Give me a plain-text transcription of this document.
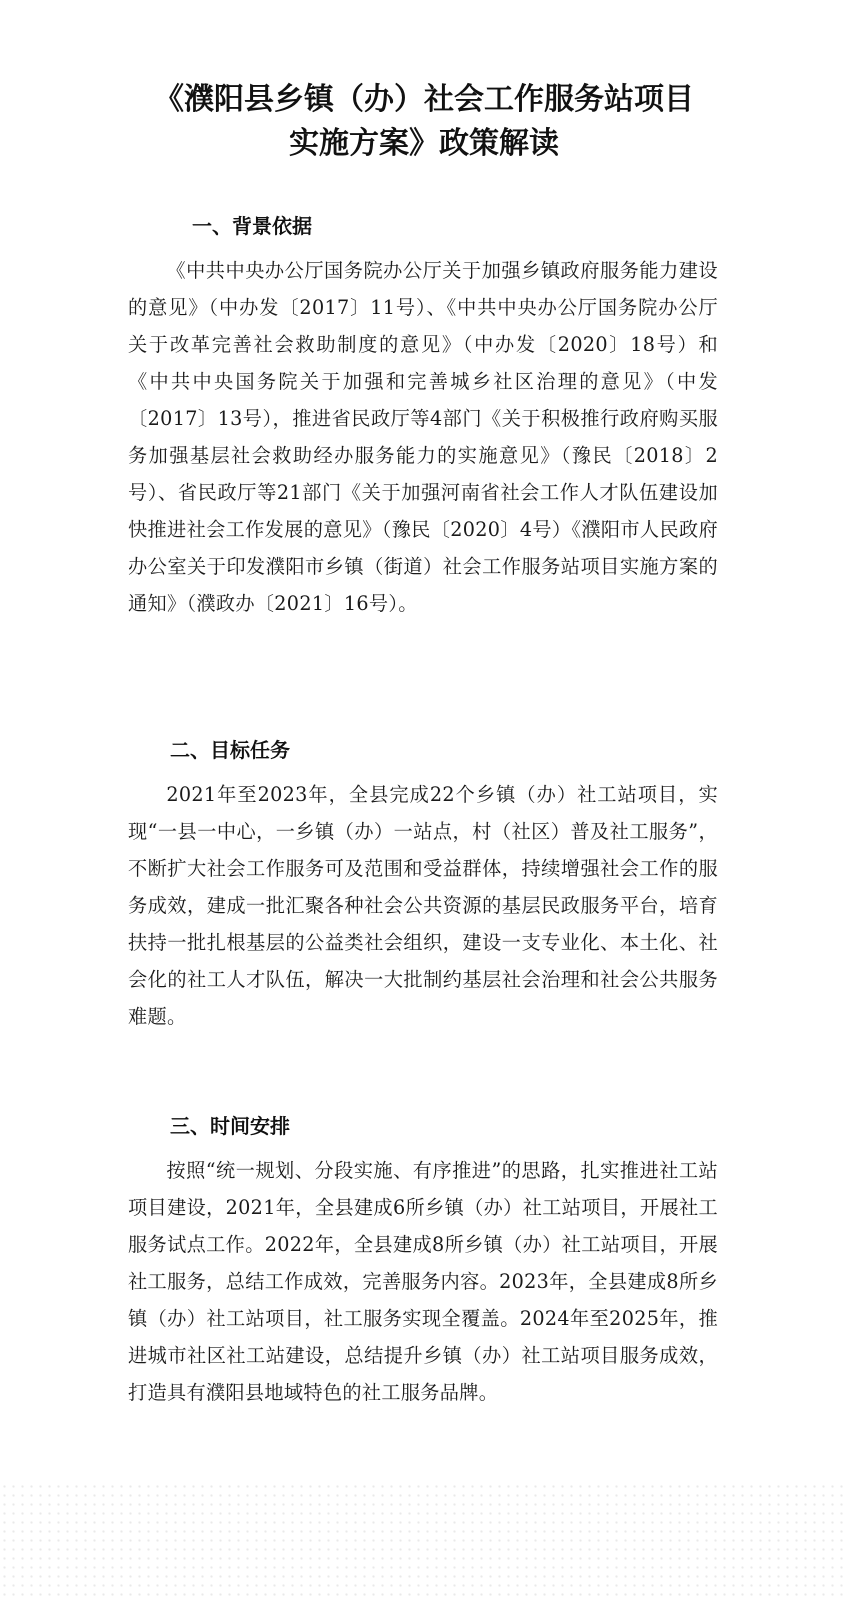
《濮阳县乡镇（办）社会工作服务站项目
实施方案》政策解读
一、背景依据

《中共中央办公厅国务院办公厅关于加强乡镇政府服务能力建设的意见》（中办发〔2017〕11号）、《中共中央办公厅国务院办公厅关于改革完善社会救助制度的意见》（中办发〔2020〕18号）和《中共中央国务院关于加强和完善城乡社区治理的意见》（中发〔2017〕13号），推进省民政厅等4部门《关于积极推行政府购买服务加强基层社会救助经办服务能力的实施意见》（豫民〔2018〕2号）、省民政厅等21部门《关于加强河南省社会工作人才队伍建设加快推进社会工作发展的意见》（豫民〔2020〕4号）《濮阳市人民政府办公室关于印发濮阳市乡镇（街道）社会工作服务站项目实施方案的通知》（濮政办〔2021〕16号）。

二、目标任务

2021年至2023年，全县完成22个乡镇（办）社工站项目，实现“一县一中心，一乡镇（办）一站点，村（社区）普及社工服务”，不断扩大社会工作服务可及范围和受益群体，持续增强社会工作的服务成效，建成一批汇聚各种社会公共资源的基层民政服务平台，培育扶持一批扎根基层的公益类社会组织，建设一支专业化、本土化、社会化的社工人才队伍，解决一大批制约基层社会治理和社会公共服务难题。

三、时间安排

按照“统一规划、分段实施、有序推进”的思路，扎实推进社工站项目建设，2021年，全县建成6所乡镇（办）社工站项目，开展社工服务试点工作。2022年，全县建成8所乡镇（办）社工站项目，开展社工服务，总结工作成效，完善服务内容。2023年，全县建成8所乡镇（办）社工站项目，社工服务实现全覆盖。2024年至2025年，推进城市社区社工站建设，总结提升乡镇（办）社工站项目服务成效，打造具有濮阳县地域特色的社工服务品牌。
